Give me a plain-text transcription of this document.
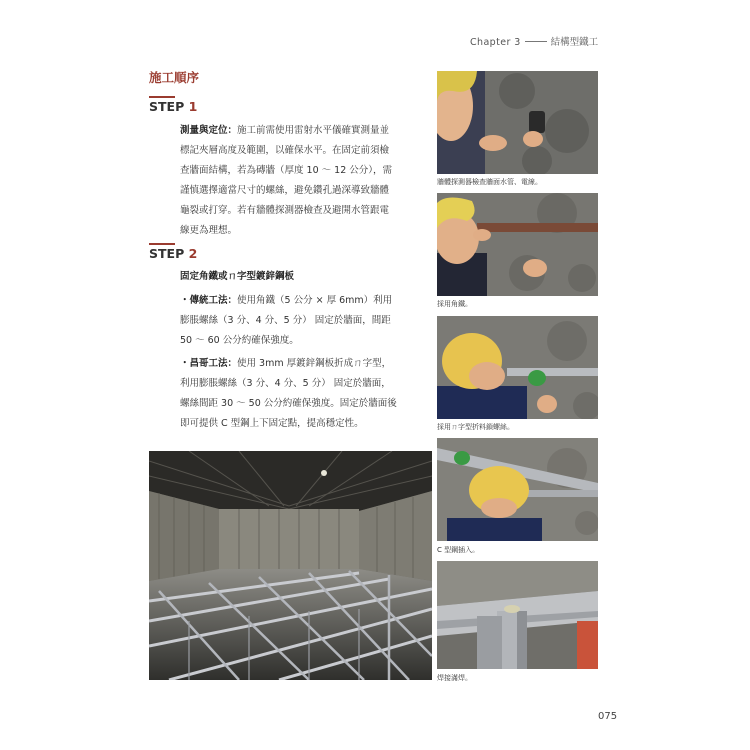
Chapter 3	結構型鐵工
施工順序
STEP 1
測量與定位：施工前需使用雷射水平儀確實測量並
標記夾層高度及範圍，以確保水平。在固定前須檢
查牆面結構，若為磚牆（厚度 10 ～ 12 公分），需
謹慎選擇適當尺寸的螺絲，避免鑽孔過深導致牆體
龜裂或打穿。若有牆體探測器檢查及避開水管跟電
線更為理想。
STEP 2
固定角鐵或ㄇ字型鍍鋅鋼板
・傳統工法：使用角鐵（5 公分 × 厚 6mm）利用
膨脹螺絲（3 分、4 分、5 分） 固定於牆面，間距
50 ～ 60 公分約確保強度。
・昌哥工法：使用 3mm 厚鍍鋅鋼板折成ㄇ字型，
利用膨脹螺絲（3 分、4 分、5 分） 固定於牆面，
螺絲間距 30 ～ 50 公分約確保強度。固定於牆面後
即可提供 C 型鋼上下固定點，提高穩定性。
牆體探測器檢查牆面水管、電線。
採用角鐵。
採用ㄇ字型折料鎖螺絲。
C 型鋼插入。
焊接滿焊。
075
